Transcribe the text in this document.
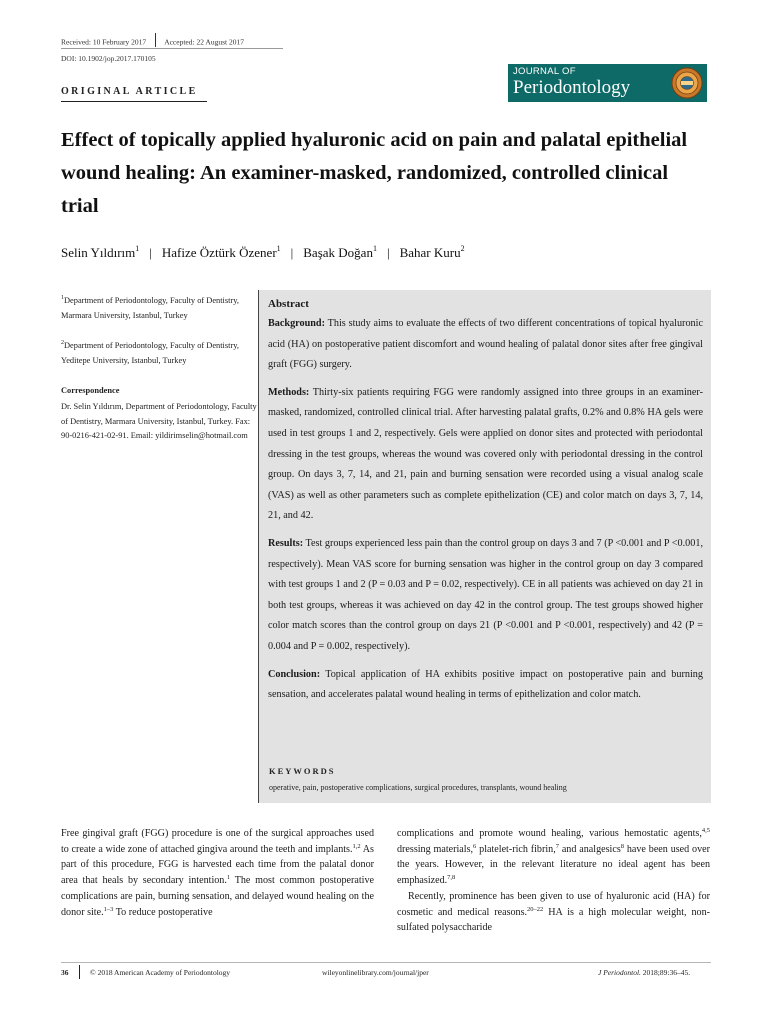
Received: 10 February 2017 Accepted: 22 August 2017
DOI: 10.1902/jop.2017.170105
ORIGINAL ARTICLE
JOURNAL OF
Periodontology
Effect of topically applied hyaluronic acid on pain and palatal epithelial wound healing: An examiner-masked, randomized, controlled clinical trial
Selin Yıldırım$^1$ | Hafize Öztürk Özener$^1$ | Başak Doğan$^1$ | Bahar Kuru$^2$
$^1$Department of Periodontology, Faculty of Dentistry, Marmara University, Istanbul, Turkey
$^2$Department of Periodontology, Faculty of Dentistry, Yeditepe University, Istanbul, Turkey
Correspondence
Dr. Selin Yıldırım, Department of Periodontology, Faculty of Dentistry, Marmara University, Istanbul, Turkey. Fax: 90-0216-421-02-91. Email: yildirimselin@hotmail.com
Abstract

Background: This study aims to evaluate the effects of two different concentrations of topical hyaluronic acid (HA) on postoperative patient discomfort and wound healing of palatal donor sites after free gingival graft (FGG) surgery.

Methods: Thirty-six patients requiring FGG were randomly assigned into three groups in an examiner-masked, randomized, controlled clinical trial. After harvesting palatal grafts, 0.2% and 0.8% HA gels were used in test groups 1 and 2, respectively. Gels were applied on donor sites and protected with periodontal dressing in the test groups, whereas the wound was covered only with periodontal dressing in the control group. On days 3, 7, 14, and 21, pain and burning sensation were recorded using a visual analog scale (VAS) as well as other parameters such as complete epithelization (CE) and color match on days 3, 7, 14, 21, and 42.

Results: Test groups experienced less pain than the control group on days 3 and 7 (P <0.001 and P <0.001, respectively). Mean VAS score for burning sensation was higher in the control group on day 3 compared with test groups 1 and 2 (P = 0.03 and P = 0.02, respectively). CE in all patients was achieved on day 21 in both test groups, whereas it was achieved on day 42 in the control group. The test groups showed higher color match scores than the control group on days 21 (P <0.001 and P <0.001, respectively) and 42 (P = 0.004 and P = 0.002, respectively).

Conclusion: Topical application of HA exhibits positive impact on postoperative pain and burning sensation, and accelerates palatal wound healing in terms of epithelization and color match.

KEYWORDS
operative, pain, postoperative complications, surgical procedures, transplants, wound healing

Free gingival graft (FGG) procedure is one of the surgical approaches used to create a wide zone of attached gingiva around the teeth and implants.$^{1,2}$ As part of this procedure, FGG is harvested each time from the palatal donor area that heals by secondary intention.$^1$ The most common postoperative complications are pain, burning sensation, and delayed wound healing on the donor site.$^{1-3}$ To reduce postoperative

complications and promote wound healing, various hemostatic agents,$^{4,5}$ dressing materials,$^6$ platelet-rich fibrin,$^7$ and analgesics$^8$ have been used over the years. However, in the relevant literature no ideal agent has been emphasized.$^{7,8}$

Recently, prominence has been given to use of hyaluronic acid (HA) for cosmetic and medical reasons.$^{20-22}$ HA is a high molecular weight, non-sulfated polysaccharide

36	© 2018 American Academy of Periodontology	wileyonlinelibrary.com/journal/jper	J Periodontol. 2018;89:36–45.
